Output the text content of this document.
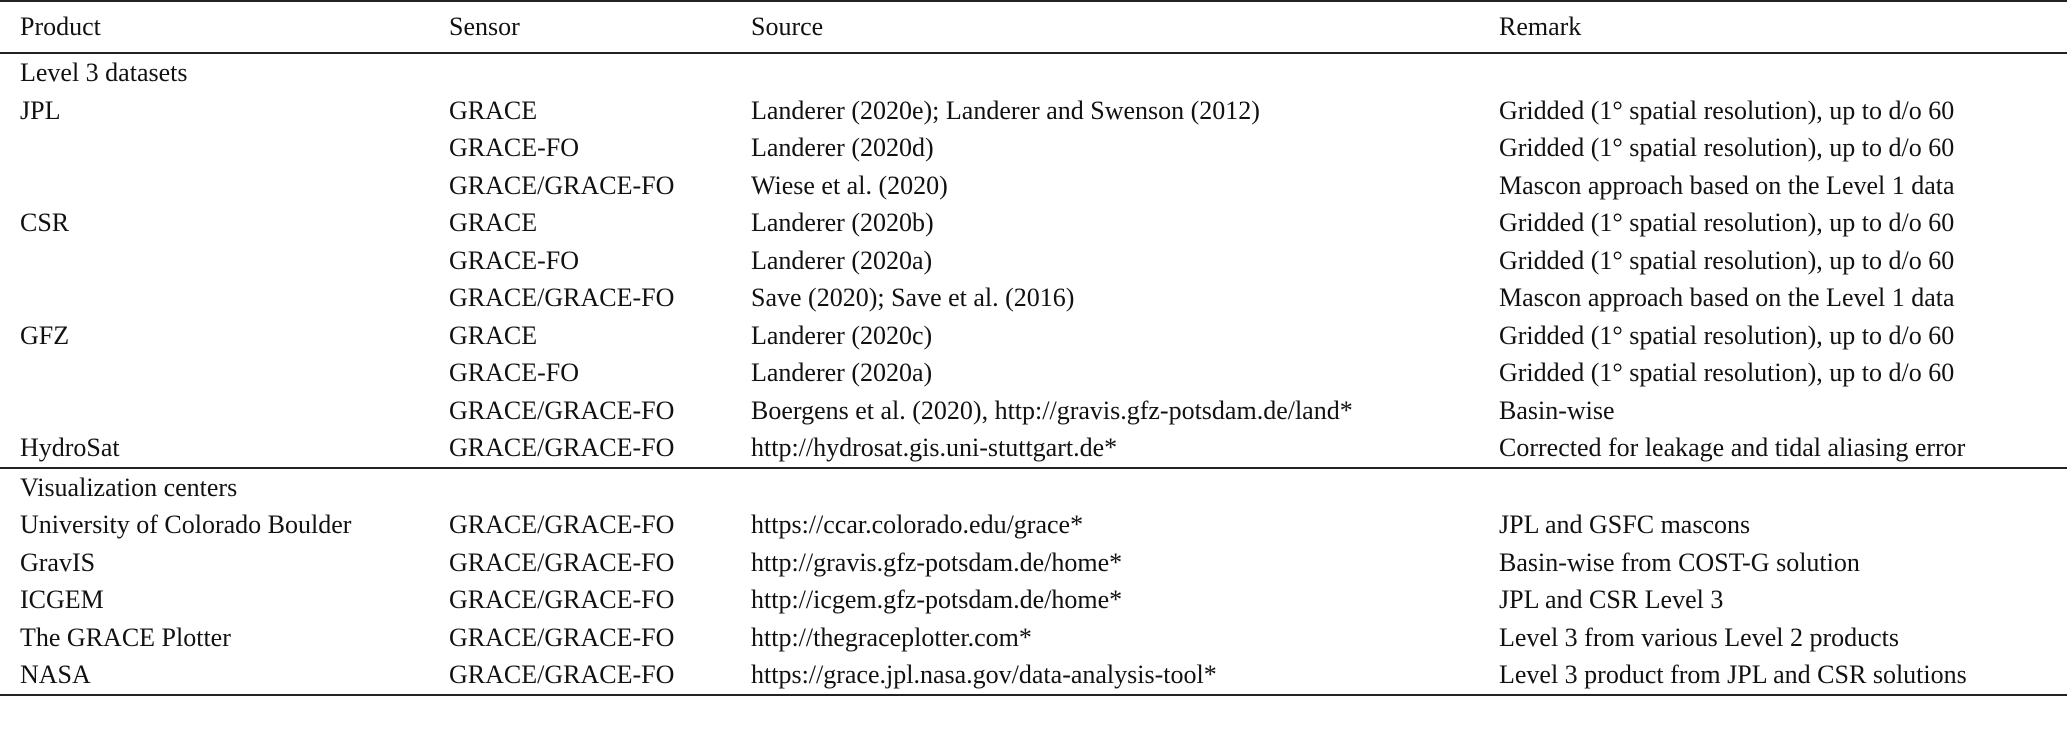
Product	Sensor	Source	Remark
Level 3 datasets			
JPL	GRACE	Landerer (2020e); Landerer and Swenson (2012)	Gridded (1° spatial resolution), up to d/o 60
	GRACE-FO	Landerer (2020d)	Gridded (1° spatial resolution), up to d/o 60
	GRACE/GRACE-FO	Wiese et al. (2020)	Mascon approach based on the Level 1 data
CSR	GRACE	Landerer (2020b)	Gridded (1° spatial resolution), up to d/o 60
	GRACE-FO	Landerer (2020a)	Gridded (1° spatial resolution), up to d/o 60
	GRACE/GRACE-FO	Save (2020); Save et al. (2016)	Mascon approach based on the Level 1 data
GFZ	GRACE	Landerer (2020c)	Gridded (1° spatial resolution), up to d/o 60
	GRACE-FO	Landerer (2020a)	Gridded (1° spatial resolution), up to d/o 60
	GRACE/GRACE-FO	Boergens et al. (2020), http://gravis.gfz-potsdam.de/land*	Basin-wise
HydroSat	GRACE/GRACE-FO	http://hydrosat.gis.uni-stuttgart.de*	Corrected for leakage and tidal aliasing error
Visualization centers			
University of Colorado Boulder	GRACE/GRACE-FO	https://ccar.colorado.edu/grace*	JPL and GSFC mascons
GravIS	GRACE/GRACE-FO	http://gravis.gfz-potsdam.de/home*	Basin-wise from COST-G solution
ICGEM	GRACE/GRACE-FO	http://icgem.gfz-potsdam.de/home*	JPL and CSR Level 3
The GRACE Plotter	GRACE/GRACE-FO	http://thegraceplotter.com*	Level 3 from various Level 2 products
NASA	GRACE/GRACE-FO	https://grace.jpl.nasa.gov/data-analysis-tool*	Level 3 product from JPL and CSR solutions
